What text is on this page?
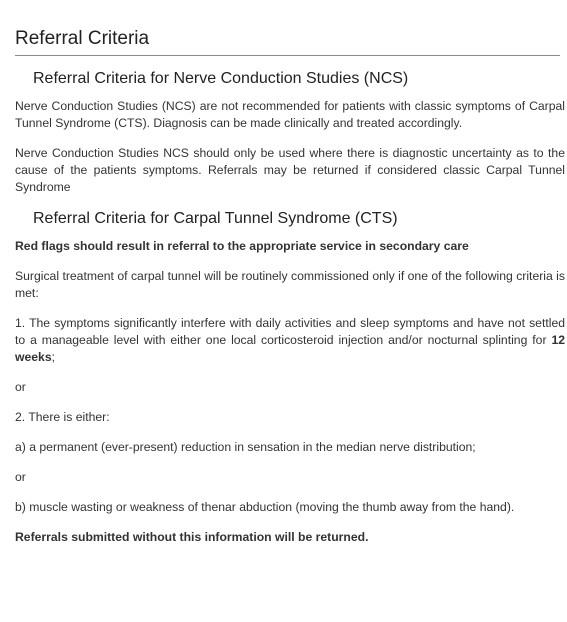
Referral Criteria
Referral Criteria for Nerve Conduction Studies (NCS)

Nerve Conduction Studies (NCS) are not recommended for patients with classic symptoms of Carpal Tunnel Syndrome (CTS). Diagnosis can be made clinically and treated accordingly.

Nerve Conduction Studies NCS should only be used where there is diagnostic uncertainty as to the cause of the patients symptoms. Referrals may be returned if considered classic Carpal Tunnel Syndrome

Referral Criteria for Carpal Tunnel Syndrome (CTS)

Red flags should result in referral to the appropriate service in secondary care

Surgical treatment of carpal tunnel will be routinely commissioned only if one of the following criteria is met:

1. The symptoms significantly interfere with daily activities and sleep symptoms and have not settled to a manageable level with either one local corticosteroid injection and/or nocturnal splinting for 12 weeks;

or

2. There is either:

a) a permanent (ever-present) reduction in sensation in the median nerve distribution;

or

b) muscle wasting or weakness of thenar abduction (moving the thumb away from the hand).

Referrals submitted without this information will be returned.
